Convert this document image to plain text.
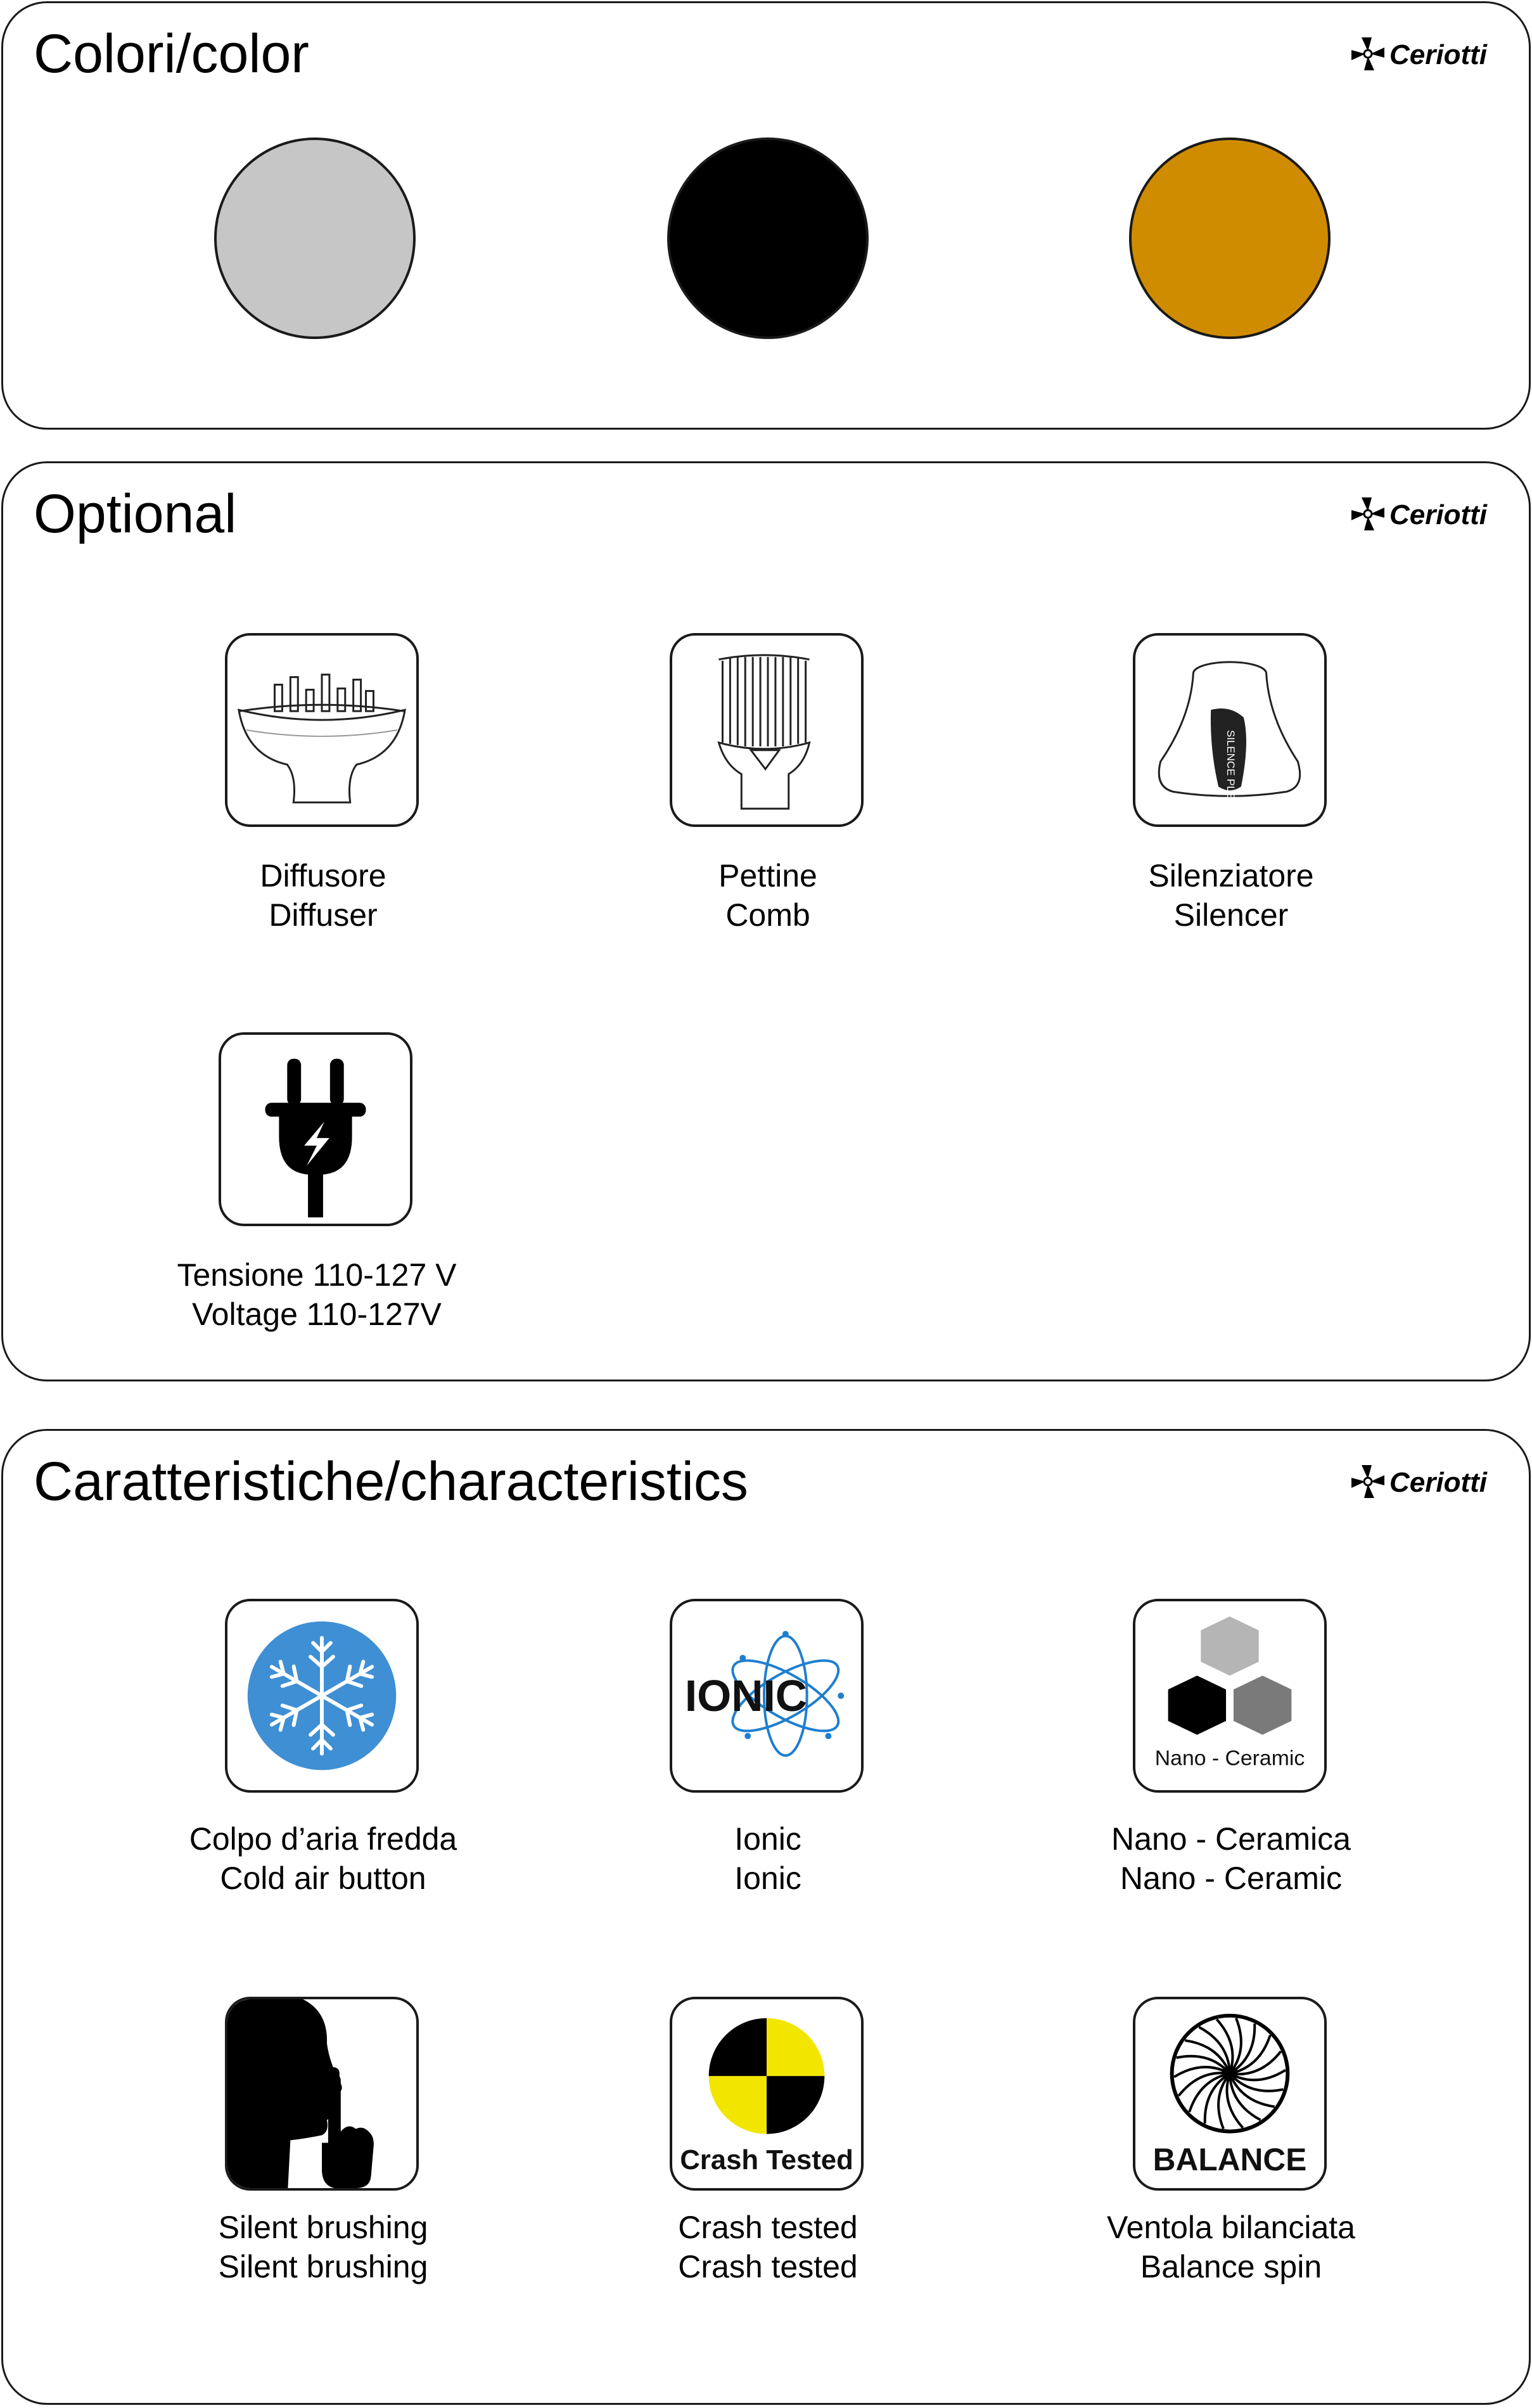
Colori/color	Ceriotti
Optional	Ceriotti
Diffusore
Diffuser
Pettine
Comb
SILENCE PLEASE
Silenziatore
Silencer
Tensione 110-127 V
Voltage 110-127V
Caratteristiche/characteristics	Ceriotti
Colpo d’aria fredda
Cold air button
IONIC
Ionic
Ionic
Nano - Ceramic
Nano - Ceramica
Nano - Ceramic
Silent brushing
Silent brushing
Crash Tested
Crash tested
Crash tested
BALANCE
Ventola bilanciata
Balance spin
